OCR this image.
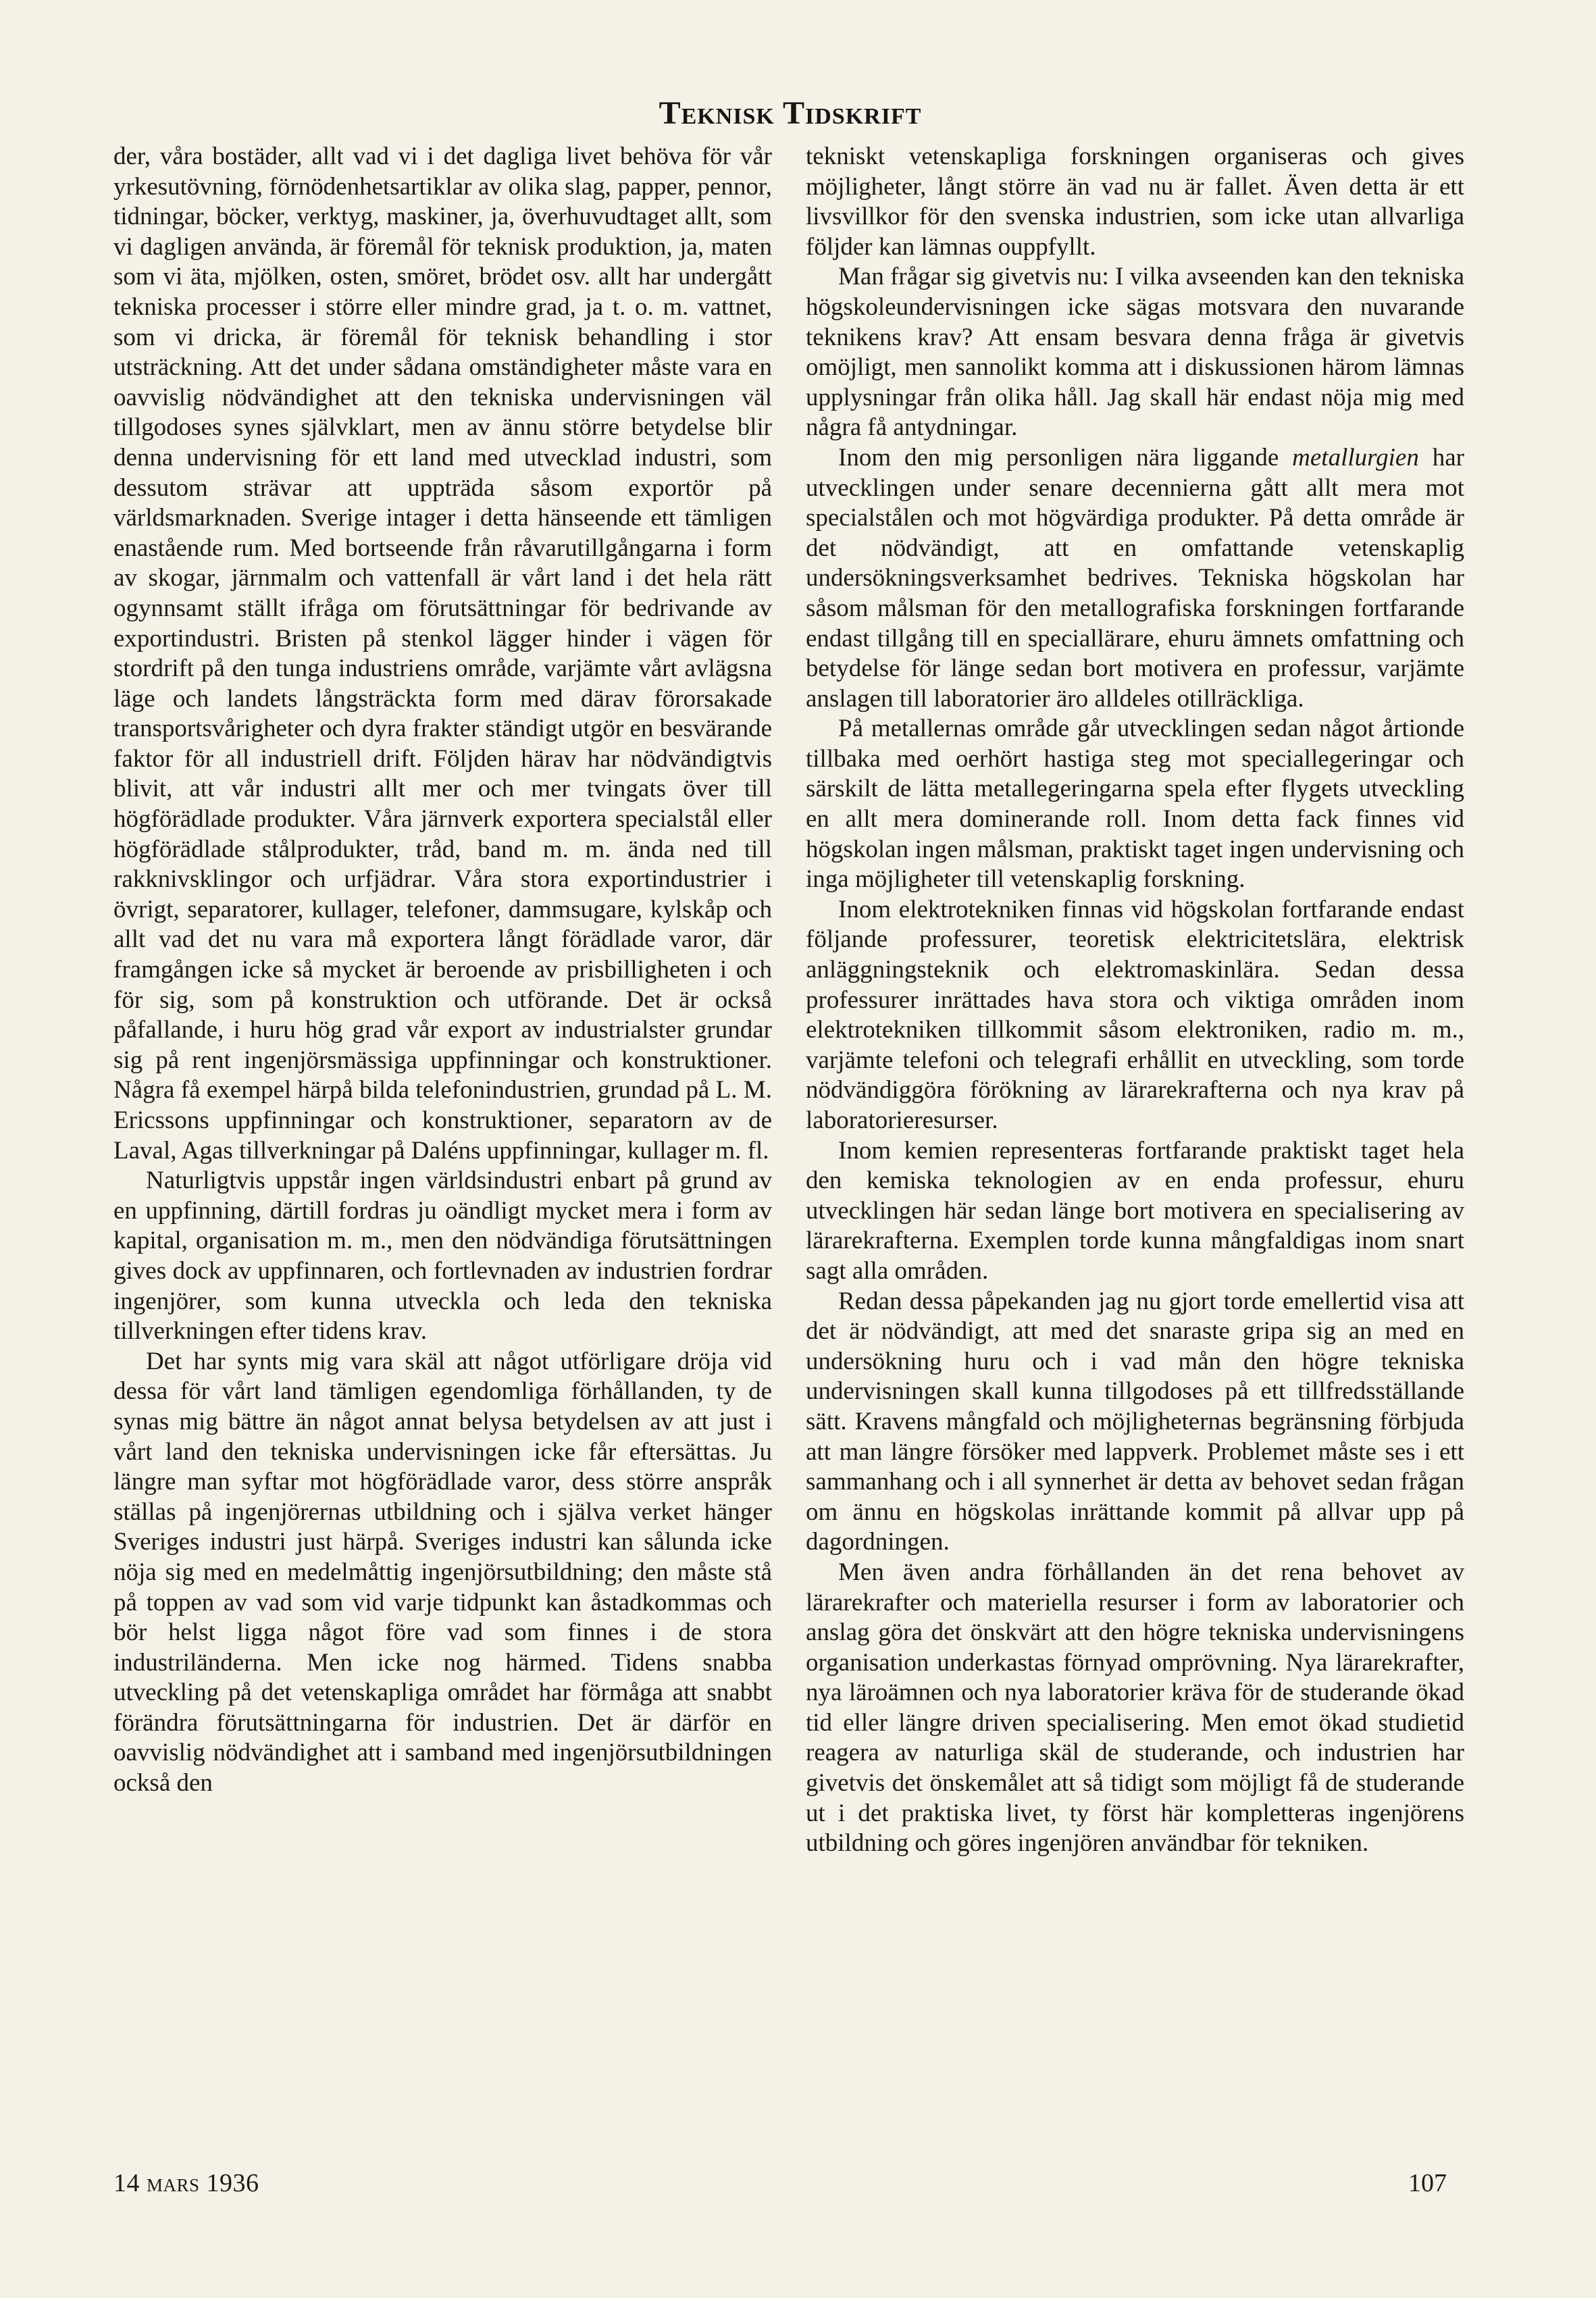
Teknisk Tidskrift

der, våra bostäder, allt vad vi i det dagliga livet behöva för vår yrkesutövning, förnödenhetsartiklar av olika slag, papper, pennor, tidningar, böcker, verktyg, maskiner, ja, överhuvudtaget allt, som vi dagligen använda, är föremål för teknisk produktion, ja, maten som vi äta, mjölken, osten, smöret, brödet osv. allt har undergått tekniska processer i större eller mindre grad, ja t. o. m. vattnet, som vi dricka, är föremål för teknisk behandling i stor utsträckning. Att det under sådana omständigheter måste vara en oavvislig nödvändighet att den tekniska undervisningen väl tillgodoses synes självklart, men av ännu större betydelse blir denna undervisning för ett land med utvecklad industri, som dessutom strävar att uppträda såsom exportör på världsmarknaden. Sverige intager i detta hänseende ett tämligen enastående rum. Med bortseende från råvarutillgångarna i form av skogar, järnmalm och vattenfall är vårt land i det hela rätt ogynnsamt ställt ifråga om förutsättningar för bedrivande av exportindustri. Bristen på stenkol lägger hinder i vägen för stordrift på den tunga industriens område, varjämte vårt avlägsna läge och landets långsträckta form med därav förorsakade transportsvårigheter och dyra frakter ständigt utgör en besvärande faktor för all industriell drift. Följden härav har nödvändigtvis blivit, att vår industri allt mer och mer tvingats över till högförädlade produkter. Våra järnverk exportera specialstål eller högförädlade stålprodukter, tråd, band m. m. ända ned till rakknivsklingor och urfjädrar. Våra stora exportindustrier i övrigt, separatorer, kullager, telefoner, dammsugare, kylskåp och allt vad det nu vara må exportera långt förädlade varor, där framgången icke så mycket är beroende av prisbilligheten i och för sig, som på konstruktion och utförande. Det är också påfallande, i huru hög grad vår export av industrialster grundar sig på rent ingenjörsmässiga uppfinningar och konstruktioner. Några få exempel härpå bilda telefonindustrien, grundad på L. M. Ericssons uppfinningar och konstruktioner, separatorn av de Laval, Agas tillverkningar på Daléns uppfinningar, kullager m. fl.

Naturligtvis uppstår ingen världsindustri enbart på grund av en uppfinning, därtill fordras ju oändligt mycket mera i form av kapital, organisation m. m., men den nödvändiga förutsättningen gives dock av uppfinnaren, och fortlevnaden av industrien fordrar ingenjörer, som kunna utveckla och leda den tekniska tillverkningen efter tidens krav.

Det har synts mig vara skäl att något utförligare dröja vid dessa för vårt land tämligen egendomliga förhållanden, ty de synas mig bättre än något annat belysa betydelsen av att just i vårt land den tekniska undervisningen icke får eftersättas. Ju längre man syftar mot högförädlade varor, dess större anspråk ställas på ingenjörernas utbildning och i själva verket hänger Sveriges industri just härpå. Sveriges industri kan sålunda icke nöja sig med en medelmåttig ingenjörsutbildning; den måste stå på toppen av vad som vid varje tidpunkt kan åstadkommas och bör helst ligga något före vad som finnes i de stora industriländerna. Men icke nog härmed. Tidens snabba utveckling på det vetenskapliga området har förmåga att snabbt förändra förutsättningarna för industrien. Det är därför en oavvislig nödvändighet att i samband med ingenjörsutbildningen också den

tekniskt vetenskapliga forskningen organiseras och gives möjligheter, långt större än vad nu är fallet. Även detta är ett livsvillkor för den svenska industrien, som icke utan allvarliga följder kan lämnas ouppfyllt.

Man frågar sig givetvis nu: I vilka avseenden kan den tekniska högskoleundervisningen icke sägas motsvara den nuvarande teknikens krav? Att ensam besvara denna fråga är givetvis omöjligt, men sannolikt komma att i diskussionen härom lämnas upplysningar från olika håll. Jag skall här endast nöja mig med några få antydningar.

Inom den mig personligen nära liggande metallurgien har utvecklingen under senare decennierna gått allt mera mot specialstålen och mot högvärdiga produkter. På detta område är det nödvändigt, att en omfattande vetenskaplig undersökningsverksamhet bedrives. Tekniska högskolan har såsom målsman för den metallografiska forskningen fortfarande endast tillgång till en speciallärare, ehuru ämnets omfattning och betydelse för länge sedan bort motivera en professur, varjämte anslagen till laboratorier äro alldeles otillräckliga.

På metallernas område går utvecklingen sedan något årtionde tillbaka med oerhört hastiga steg mot speciallegeringar och särskilt de lätta metallegeringarna spela efter flygets utveckling en allt mera dominerande roll. Inom detta fack finnes vid högskolan ingen målsman, praktiskt taget ingen undervisning och inga möjligheter till vetenskaplig forskning.

Inom elektrotekniken finnas vid högskolan fortfarande endast följande professurer, teoretisk elektricitetslära, elektrisk anläggningsteknik och elektromaskinlära. Sedan dessa professurer inrättades hava stora och viktiga områden inom elektrotekniken tillkommit såsom elektroniken, radio m. m., varjämte telefoni och telegrafi erhållit en utveckling, som torde nödvändiggöra förökning av lärarekrafterna och nya krav på laboratorieresurser.

Inom kemien representeras fortfarande praktiskt taget hela den kemiska teknologien av en enda professur, ehuru utvecklingen här sedan länge bort motivera en specialisering av lärarekrafterna. Exemplen torde kunna mångfaldigas inom snart sagt alla områden.

Redan dessa påpekanden jag nu gjort torde emellertid visa att det är nödvändigt, att med det snaraste gripa sig an med en undersökning huru och i vad mån den högre tekniska undervisningen skall kunna tillgodoses på ett tillfredsställande sätt. Kravens mångfald och möjligheternas begränsning förbjuda att man längre försöker med lappverk. Problemet måste ses i ett sammanhang och i all synnerhet är detta av behovet sedan frågan om ännu en högskolas inrättande kommit på allvar upp på dagordningen.

Men även andra förhållanden än det rena behovet av lärarekrafter och materiella resurser i form av laboratorier och anslag göra det önskvärt att den högre tekniska undervisningens organisation underkastas förnyad omprövning. Nya lärarekrafter, nya läroämnen och nya laboratorier kräva för de studerande ökad tid eller längre driven specialisering. Men emot ökad studietid reagera av naturliga skäl de studerande, och industrien har givetvis det önskemålet att så tidigt som möjligt få de studerande ut i det praktiska livet, ty först här kompletteras ingenjörens utbildning och göres ingenjören användbar för tekniken.

14 mars 1936	107
